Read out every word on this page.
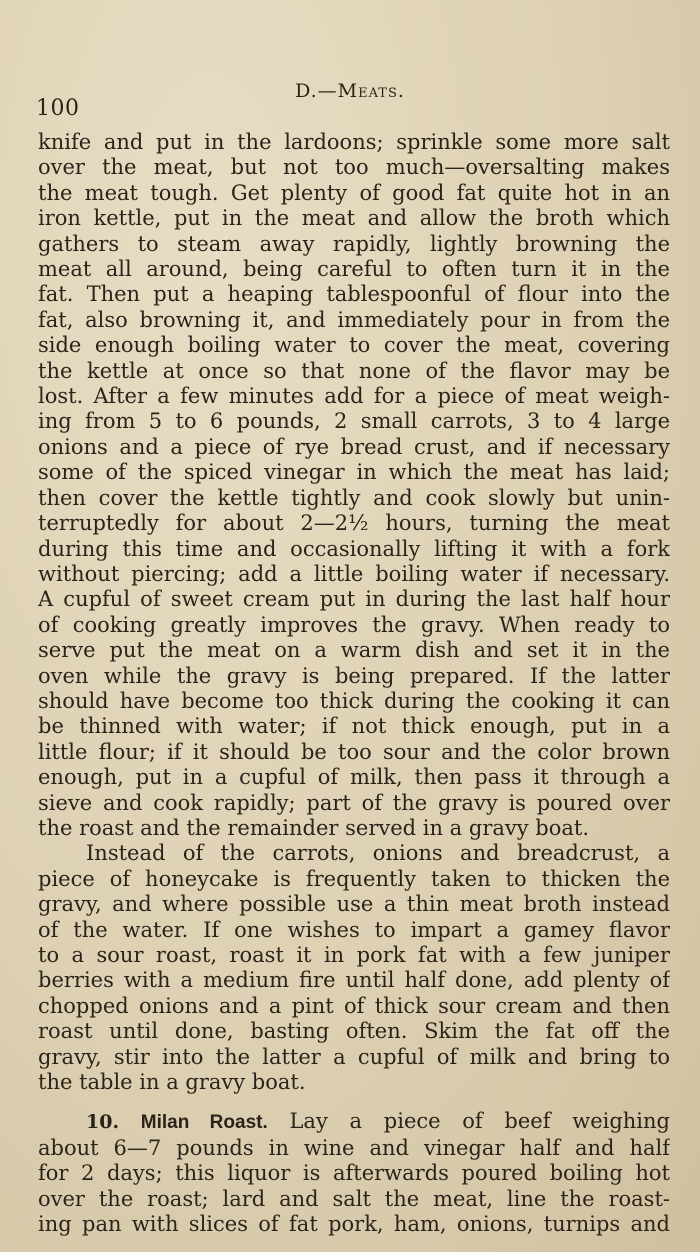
100
D.—Meats.
knife and put in the lardoons; sprinkle some more salt
over the meat, but not too much—oversalting makes
the meat tough. Get plenty of good fat quite hot in an
iron kettle, put in the meat and allow the broth which
gathers to steam away rapidly, lightly browning the
meat all around, being careful to often turn it in the
fat. Then put a heaping tablespoonful of flour into the
fat, also browning it, and immediately pour in from the
side enough boiling water to cover the meat, covering
the kettle at once so that none of the flavor may be
lost. After a few minutes add for a piece of meat weigh-
ing from 5 to 6 pounds, 2 small carrots, 3 to 4 large
onions and a piece of rye bread crust, and if necessary
some of the spiced vinegar in which the meat has laid;
then cover the kettle tightly and cook slowly but unin-
terruptedly for about 2—2½ hours, turning the meat
during this time and occasionally lifting it with a fork
without piercing; add a little boiling water if necessary.
A cupful of sweet cream put in during the last half hour
of cooking greatly improves the gravy. When ready to
serve put the meat on a warm dish and set it in the
oven while the gravy is being prepared. If the latter
should have become too thick during the cooking it can
be thinned with water; if not thick enough, put in a
little flour; if it should be too sour and the color brown
enough, put in a cupful of milk, then pass it through a
sieve and cook rapidly; part of the gravy is poured over
the roast and the remainder served in a gravy boat.
Instead of the carrots, onions and breadcrust, a
piece of honeycake is frequently taken to thicken the
gravy, and where possible use a thin meat broth instead
of the water. If one wishes to impart a gamey flavor
to a sour roast, roast it in pork fat with a few juniper
berries with a medium fire until half done, add plenty of
chopped onions and a pint of thick sour cream and then
roast until done, basting often. Skim the fat off the
gravy, stir into the latter a cupful of milk and bring to
the table in a gravy boat.
10. Milan Roast. Lay a piece of beef weighing
about 6—7 pounds in wine and vinegar half and half
for 2 days; this liquor is afterwards poured boiling hot
over the roast; lard and salt the meat, line the roast-
ing pan with slices of fat pork, ham, onions, turnips and
